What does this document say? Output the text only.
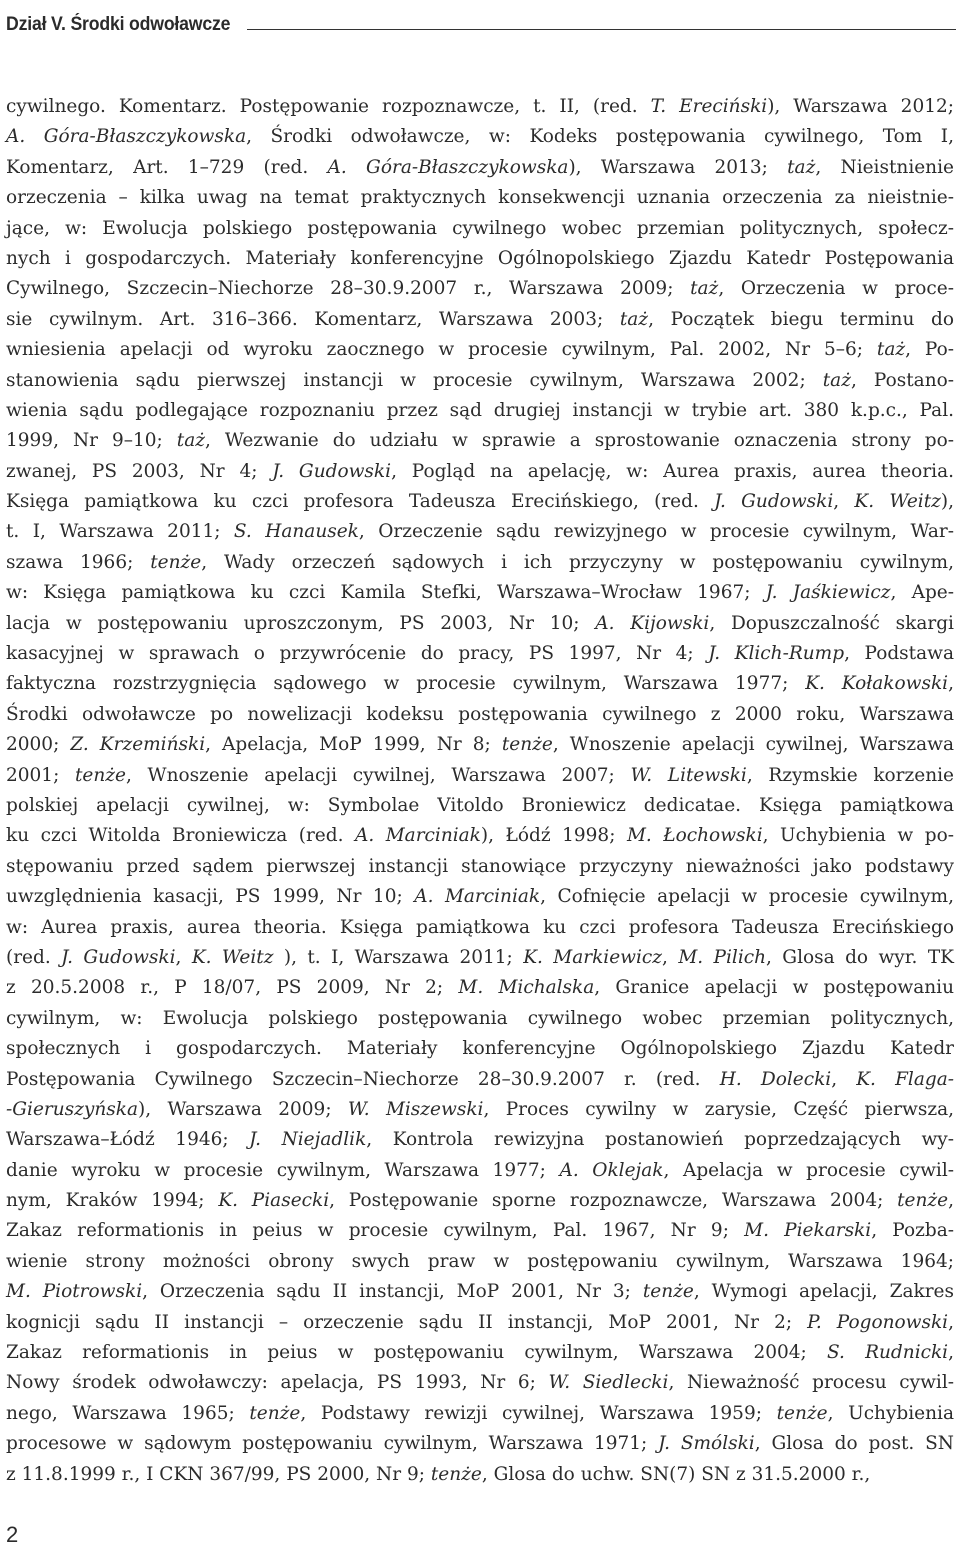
Dział V. Środki odwoławcze
cywilnego. Komentarz. Postępowanie rozpoznawcze, t. II, (red. T. Ereciński), Warszawa 2012;
A. Góra-Błaszczykowska, Środki odwoławcze, w: Kodeks postępowania cywilnego, Tom I,
Komentarz, Art. 1–729 (red. A. Góra-Błaszczykowska), Warszawa 2013; taż, Nieistnienie
orzeczenia – kilka uwag na temat praktycznych konsekwencji uznania orzeczenia za nieistnie-
jące, w: Ewolucja polskiego postępowania cywilnego wobec przemian politycznych, społecz-
nych i gospodarczych. Materiały konferencyjne Ogólnopolskiego Zjazdu Katedr Postępowania
Cywilnego, Szczecin–Niechorze 28–30.9.2007 r., Warszawa 2009; taż, Orzeczenia w proce-
sie cywilnym. Art. 316–366. Komentarz, Warszawa 2003; taż, Początek biegu terminu do
wniesienia apelacji od wyroku zaocznego w procesie cywilnym, Pal. 2002, Nr 5–6; taż, Po-
stanowienia sądu pierwszej instancji w procesie cywilnym, Warszawa 2002; taż, Postano-
wienia sądu podlegające rozpoznaniu przez sąd drugiej instancji w trybie art. 380 k.p.c., Pal.
1999, Nr 9–10; taż, Wezwanie do udziału w sprawie a sprostowanie oznaczenia strony po-
zwanej, PS 2003, Nr 4; J. Gudowski, Pogląd na apelację, w: Aurea praxis, aurea theoria.
Księga pamiątkowa ku czci profesora Tadeusza Erecińskiego, (red. J. Gudowski, K. Weitz),
t. I, Warszawa 2011; S. Hanausek, Orzeczenie sądu rewizyjnego w procesie cywilnym, War-
szawa 1966; tenże, Wady orzeczeń sądowych i ich przyczyny w postępowaniu cywilnym,
w: Księga pamiątkowa ku czci Kamila Stefki, Warszawa–Wrocław 1967; J. Jaśkiewicz, Ape-
lacja w postępowaniu uproszczonym, PS 2003, Nr 10; A. Kijowski, Dopuszczalność skargi
kasacyjnej w sprawach o przywrócenie do pracy, PS 1997, Nr 4; J. Klich-Rump, Podstawa
faktyczna rozstrzygnięcia sądowego w procesie cywilnym, Warszawa 1977; K. Kołakowski,
Środki odwoławcze po nowelizacji kodeksu postępowania cywilnego z 2000 roku, Warszawa
2000; Z. Krzemiński, Apelacja, MoP 1999, Nr 8; tenże, Wnoszenie apelacji cywilnej, Warszawa
2001; tenże, Wnoszenie apelacji cywilnej, Warszawa 2007; W. Litewski, Rzymskie korzenie
polskiej apelacji cywilnej, w: Symbolae Vitoldo Broniewicz dedicatae. Księga pamiątkowa
ku czci Witolda Broniewicza (red. A. Marciniak), Łódź 1998; M. Łochowski, Uchybienia w po-
stępowaniu przed sądem pierwszej instancji stanowiące przyczyny nieważności jako podstawy
uwzględnienia kasacji, PS 1999, Nr 10; A. Marciniak, Cofnięcie apelacji w procesie cywilnym,
w: Aurea praxis, aurea theoria. Księga pamiątkowa ku czci profesora Tadeusza Erecińskiego
(red. J. Gudowski, K. Weitz ), t. I, Warszawa 2011; K. Markiewicz, M. Pilich, Glosa do wyr. TK
z 20.5.2008 r., P 18/07, PS 2009, Nr 2; M. Michalska, Granice apelacji w postępowaniu
cywilnym, w: Ewolucja polskiego postępowania cywilnego wobec przemian politycznych,
społecznych i gospodarczych. Materiały konferencyjne Ogólnopolskiego Zjazdu Katedr
Postępowania Cywilnego Szczecin–Niechorze 28–30.9.2007 r. (red. H. Dolecki, K. Flaga-
-Gieruszyńska), Warszawa 2009; W. Miszewski, Proces cywilny w zarysie, Część pierwsza,
Warszawa–Łódź 1946; J. Niejadlik, Kontrola rewizyjna postanowień poprzedzających wy-
danie wyroku w procesie cywilnym, Warszawa 1977; A. Oklejak, Apelacja w procesie cywil-
nym, Kraków 1994; K. Piasecki, Postępowanie sporne rozpoznawcze, Warszawa 2004; tenże,
Zakaz reformationis in peius w procesie cywilnym, Pal. 1967, Nr 9; M. Piekarski, Pozba-
wienie strony możności obrony swych praw w postępowaniu cywilnym, Warszawa 1964;
M. Piotrowski, Orzeczenia sądu II instancji, MoP 2001, Nr 3; tenże, Wymogi apelacji, Zakres
kognicji sądu II instancji – orzeczenie sądu II instancji, MoP 2001, Nr 2; P. Pogonowski,
Zakaz reformationis in peius w postępowaniu cywilnym, Warszawa 2004; S. Rudnicki,
Nowy środek odwoławczy: apelacja, PS 1993, Nr 6; W. Siedlecki, Nieważność procesu cywil-
nego, Warszawa 1965; tenże, Podstawy rewizji cywilnej, Warszawa 1959; tenże, Uchybienia
procesowe w sądowym postępowaniu cywilnym, Warszawa 1971; J. Smólski, Glosa do post. SN
z 11.8.1999 r., I CKN 367/99, PS 2000, Nr 9; tenże, Glosa do uchw. SN(7) SN z 31.5.2000 r.,
2
